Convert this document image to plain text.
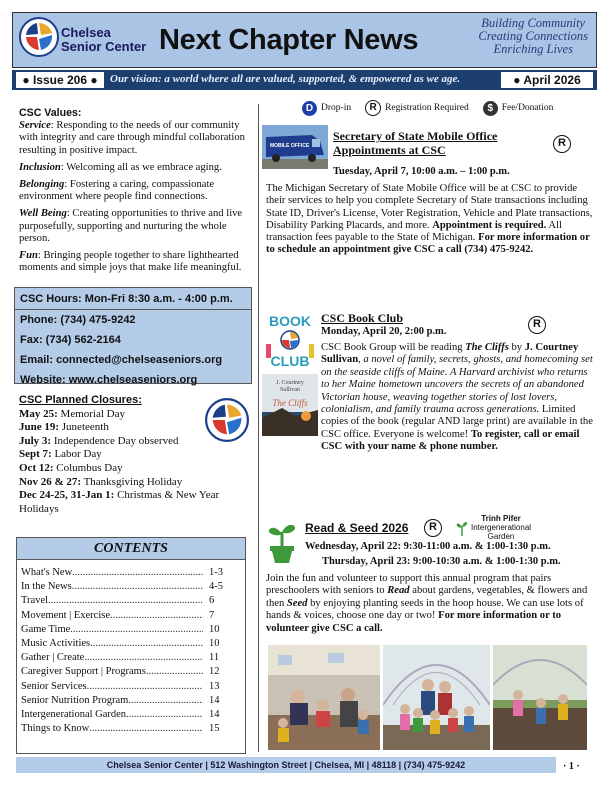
Chelsea
Senior Center Next Chapter News
Building Community
Creating Connections
Enriching Lives
● Issue 206 ●	Our vision: a world where all are valued, supported, & empowered as we age.	● April 2026

CSC Values:

Service: Responding to the needs of our community with integrity and care through mindful collaboration resulting in positive impact.

Inclusion: Welcoming all as we embrace aging.

Belonging: Fostering a caring, compassionate environment where people find connections.

Well Being: Creating opportunities to thrive and live purposefully, supporting and nurturing the whole person.

Fun: Bringing people together to share lighthearted moments and simple joys that make life meaningful.

CSC Hours: Mon-Fri 8:30 a.m. - 4:00 p.m.
Phone: (734) 475-9242
Fax: (734) 562-2164
Email: connected@chelseaseniors.org
Website: www.chelseaseniors.org
CSC Planned Closures:
May 25: Memorial Day
June 19: Juneteenth
July 3: Independence Day observed
Sept 7: Labor Day
Oct 12: Columbus Day
Nov 26 & 27: Thanksgiving Holiday
Dec 24-25, 31-Jan 1: Christmas & New Year Holidays
CONTENTS
What's New .....	1-3
In the News .....	4-5
Travel .....	6
Movement | Exercise .....	7
Game Time .....	10
Music Activities .....	10
Gather | Create .....	11
Caregiver Support | Programs .....	12
Senior Services .....	13
Senior Nutrition Program .....	14
Intergenerational Garden .....	14
Things to Know .....	15
D Drop-in	R Registration Required	$ Fee/Donation
MOBILE OFFICE
Secretary of State Mobile Office Appointments at CSC	R
Tuesday, April 7, 10:00 a.m. – 1:00 p.m.
The Michigan Secretary of State Mobile Office will be at CSC to provide their services to help you complete Secretary of State transactions including State ID, Driver's License, Voter Registration, Vehicle and Plate transactions, Disability Parking Placards, and more. Appointment is required. All transaction fees payable to the State of Michigan. For more information or to schedule an appointment give CSC a call (734) 475-9242.
BOOK
CLUB
J. Courtney
Sullivan
The Cliffs
CSC Book Club
Monday, April 20, 2:00 p.m.
R
CSC Book Group will be reading The Cliffs by J. Courtney Sullivan, a novel of family, secrets, ghosts, and homecoming set on the seaside cliffs of Maine. A Harvard archivist who returns to her Maine hometown uncovers the secrets of an abandoned Victorian house, weaving together stories of lost lovers, colonialism, and family trauma across generations. Limited copies of the book (regular AND large print) are available in the CSC office. Everyone is welcome! To register, call or email CSC with your name & phone number.
Read & Seed 2026	R
Trinh Pifer
Intergenerational
Garden
Wednesday, April 22: 9:30-11:00 a.m. & 1:00-1:30 p.m.
Thursday, April 23: 9:00-10:30 a.m. & 1:00-1:30 p.m.
Join the fun and volunteer to support this annual program that pairs preschoolers with seniors to Read about gardens, vegetables, & flowers and then Seed by enjoying planting seeds in the hoop house. We can use lots of hands & voices, choose one day or two! For more information or to volunteer give CSC a call.
Chelsea Senior Center | 512 Washington Street | Chelsea, MI | 48118 | (734) 475-9242	· 1 ·
